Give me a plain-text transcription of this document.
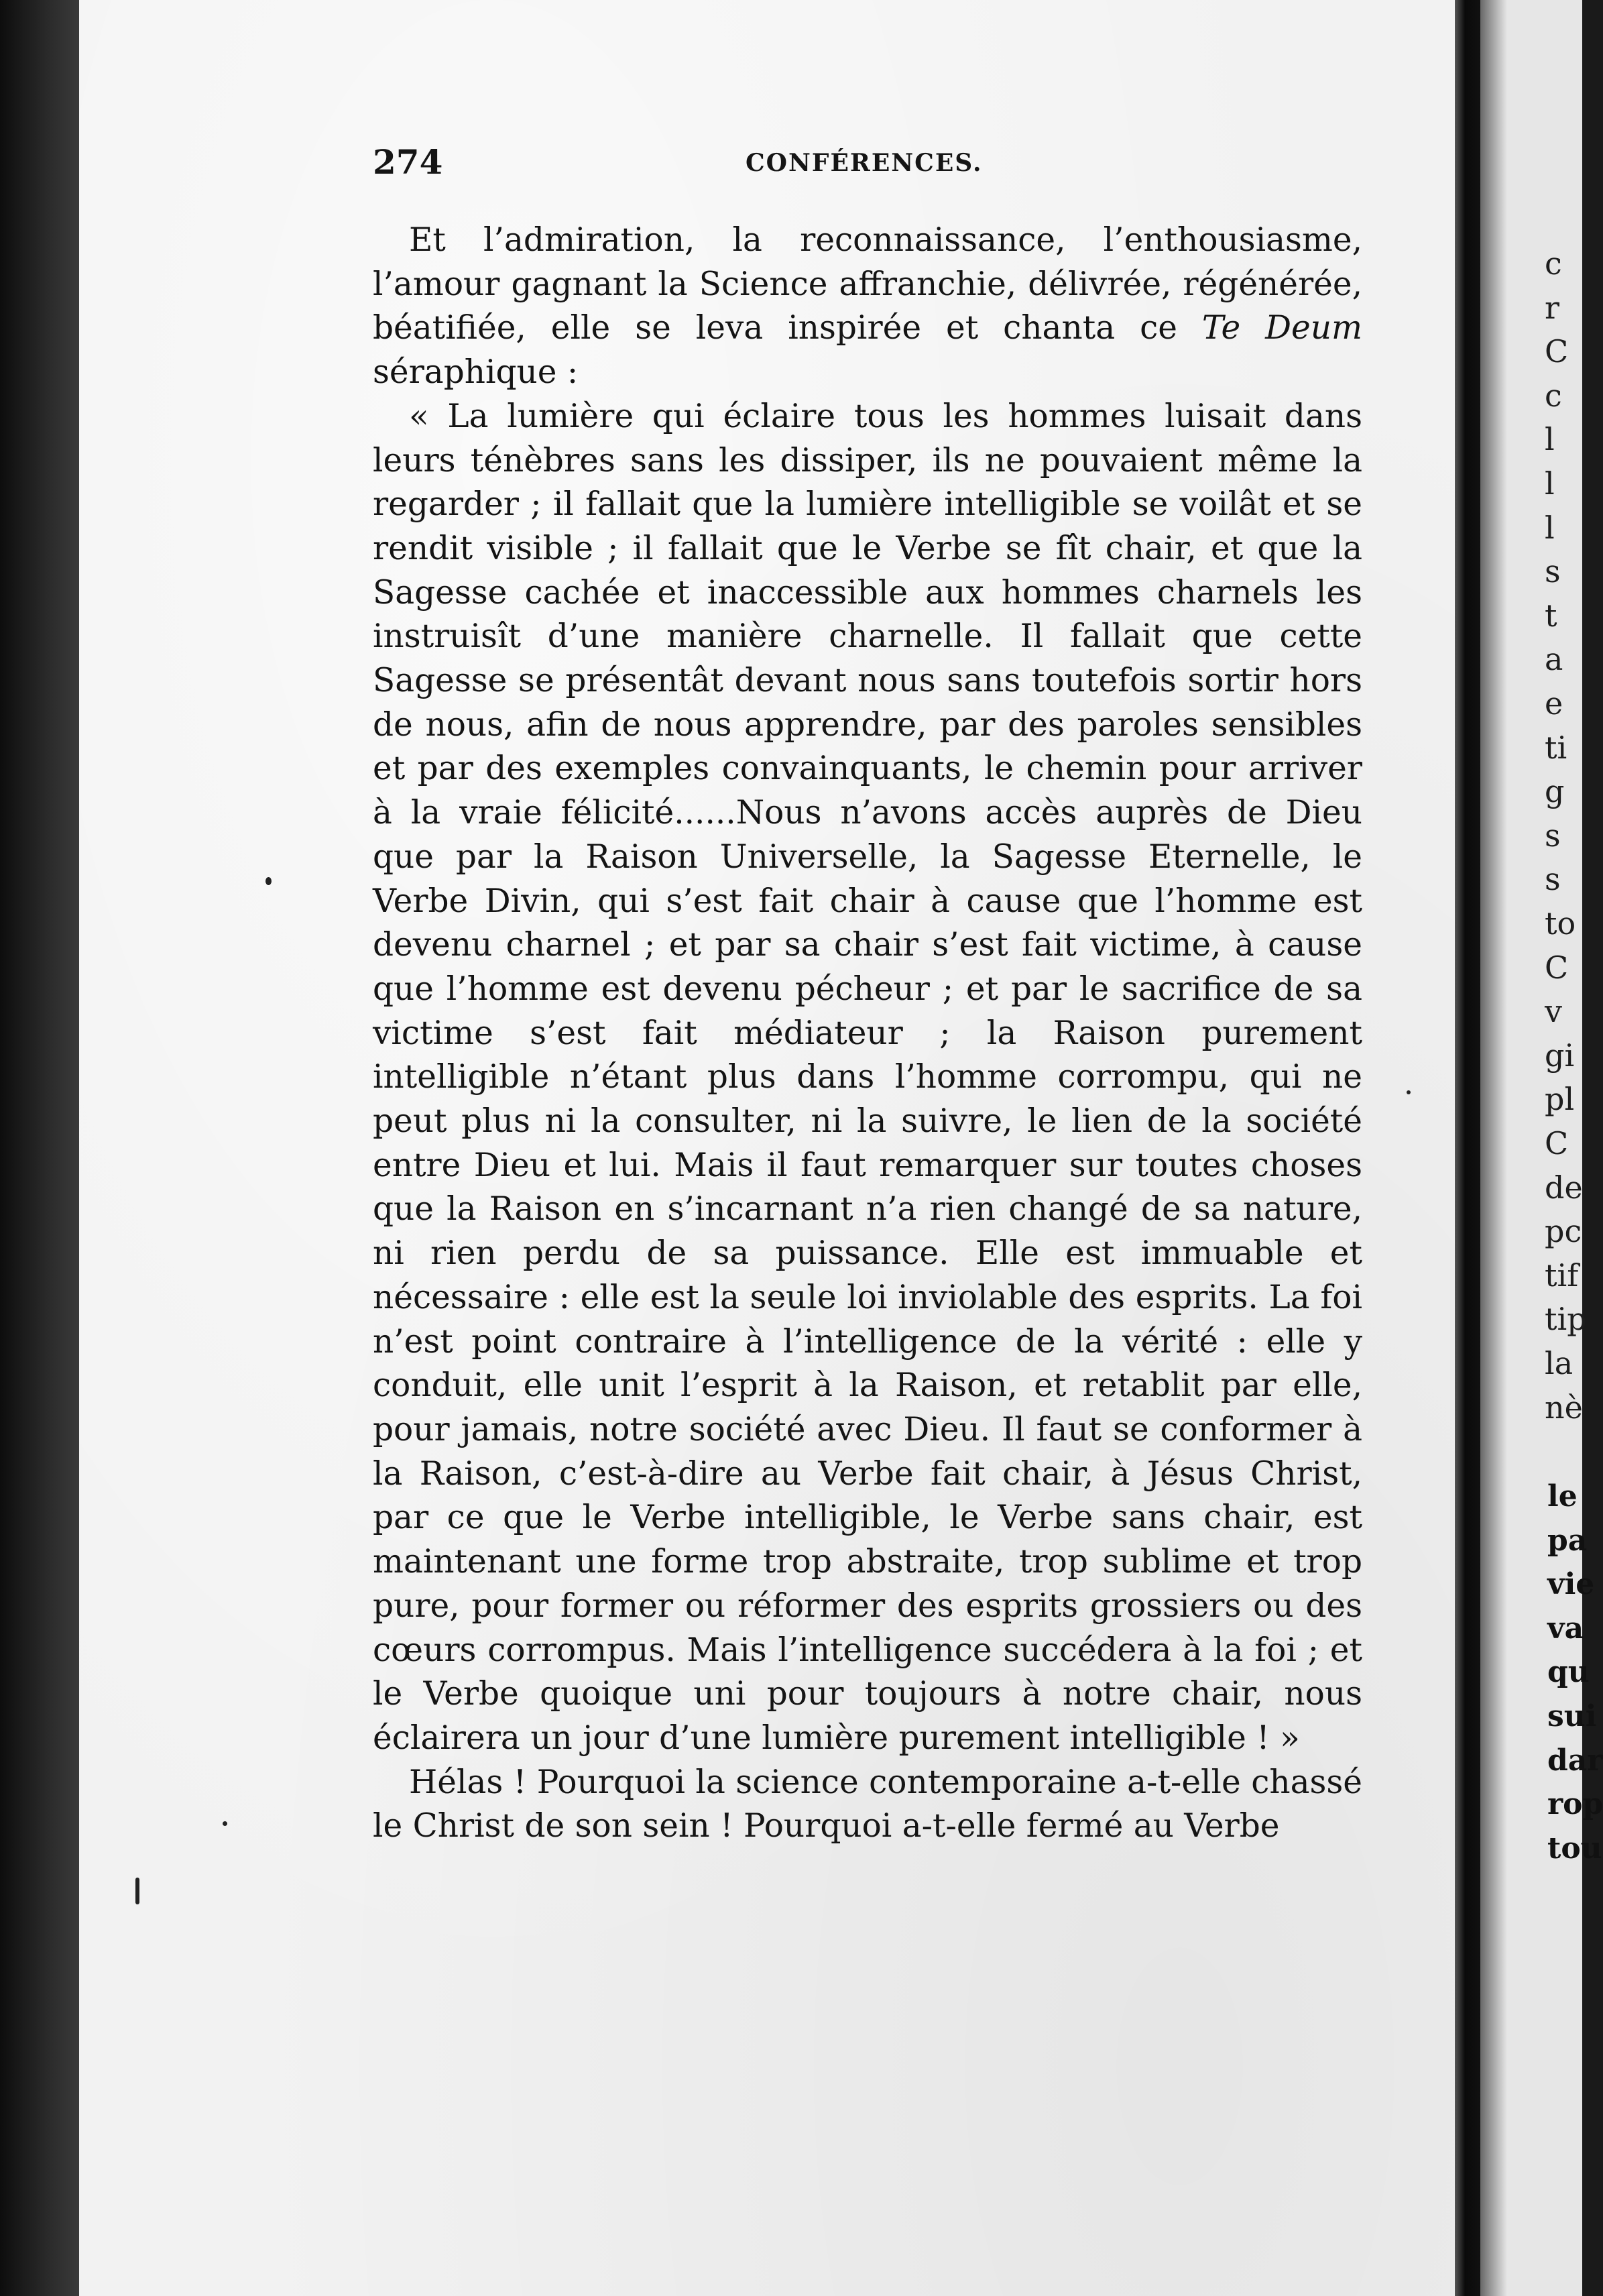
274	CONFÉRENCES.

Et l’admiration, la reconnaissance, l’enthousiasme, l’amour gagnant la Science affranchie, délivrée, régénérée, béatifiée, elle se leva inspirée et chanta ce Te Deum séraphique :

« La lumière qui éclaire tous les hommes luisait dans leurs ténèbres sans les dissiper, ils ne pouvaient même la regarder ; il fallait que la lumière intelligible se voilât et se rendit visible ; il fallait que le Verbe se fît chair, et que la Sagesse cachée et inaccessible aux hommes charnels les instruisît d’une manière charnelle. Il fallait que cette Sagesse se présentât devant nous sans toutefois sortir hors de nous, afin de nous apprendre, par des paroles sensibles et par des exemples convainquants, le chemin pour arriver à la vraie félicité......Nous n’avons accès auprès de Dieu que par la Raison Universelle, la Sagesse Eternelle, le Verbe Divin, qui s’est fait chair à cause que l’homme est devenu charnel ; et par sa chair s’est fait victime, à cause que l’homme est devenu pécheur ; et par le sacrifice de sa victime s’est fait médiateur ; la Raison purement intelligible n’étant plus dans l’homme corrompu, qui ne peut plus ni la consulter, ni la suivre, le lien de la société entre Dieu et lui. Mais il faut remarquer sur toutes choses que la Raison en s’incarnant n’a rien changé de sa nature, ni rien perdu de sa puissance. Elle est immuable et nécessaire : elle est la seule loi inviolable des esprits. La foi n’est point contraire à l’intelligence de la vérité : elle y conduit, elle unit l’esprit à la Raison, et retablit par elle, pour jamais, notre société avec Dieu. Il faut se conformer à la Raison, c’est-à-dire au Verbe fait chair, à Jésus Christ, par ce que le Verbe intelligible, le Verbe sans chair, est maintenant une forme trop abstraite, trop sublime et trop pure, pour former ou réformer des esprits grossiers ou des cœurs corrompus. Mais l’intelligence succédera à la foi ; et le Verbe quoique uni pour toujours à notre chair, nous éclairera un jour d’une lumière purement intelligible ! »

Hélas ! Pourquoi la science contemporaine a-t-elle chassé le Christ de son sein ! Pourquoi a-t-elle fermé au Verbe

c
r
C
c
l
l
l
s
t
a
e
ti
g
s
s
to
C
v
gi
pl
C
de
pc
tif
tip
la
nè
le
pa
vie
va
qu
sui
dar
rop
tou
